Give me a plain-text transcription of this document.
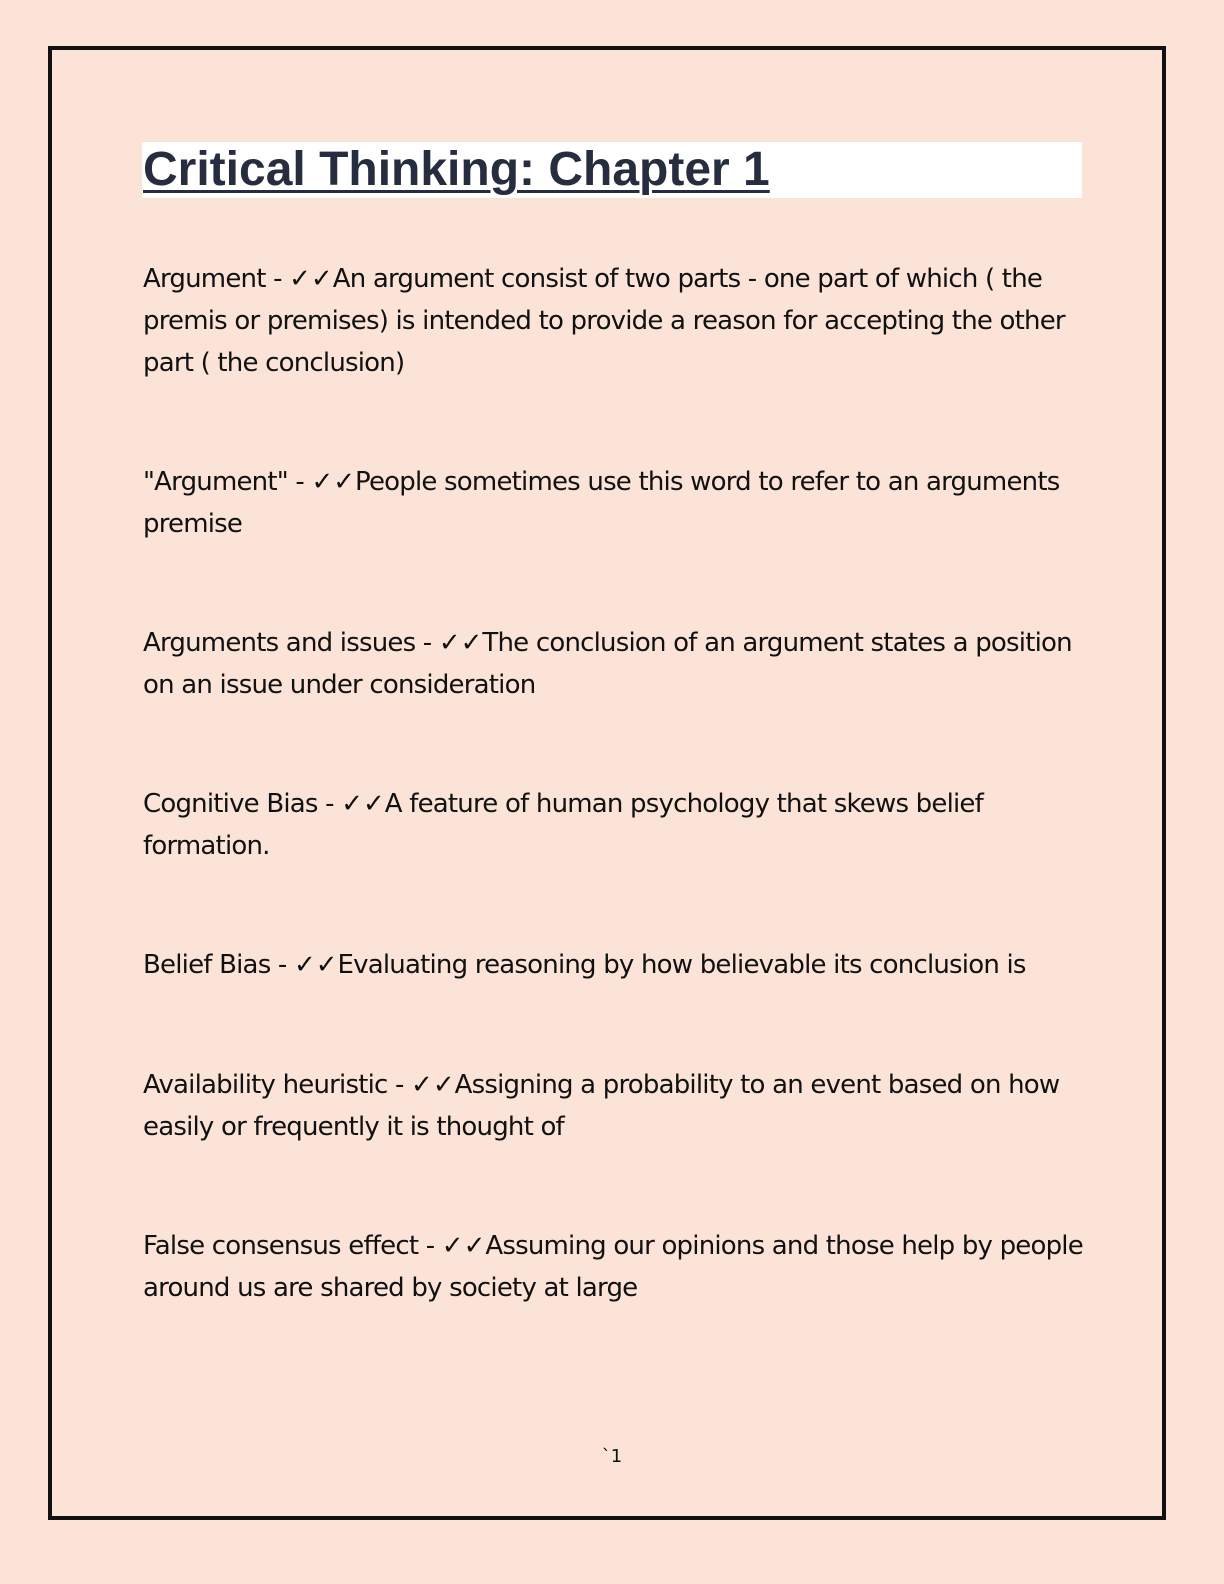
Critical Thinking: Chapter 1

Argument - ✓✓An argument consist of two parts - one part of which ( the premis or premises) is intended to provide a reason for accepting the other part ( the conclusion)

"Argument" - ✓✓People sometimes use this word to refer to an arguments premise

Arguments and issues - ✓✓The conclusion of an argument states a position on an issue under consideration

Cognitive Bias - ✓✓A feature of human psychology that skews belief formation.

Belief Bias - ✓✓Evaluating reasoning by how believable its conclusion is

Availability heuristic - ✓✓Assigning a probability to an event based on how easily or frequently it is thought of

False consensus effect - ✓✓Assuming our opinions and those help by people around us are shared by society at large

`1
